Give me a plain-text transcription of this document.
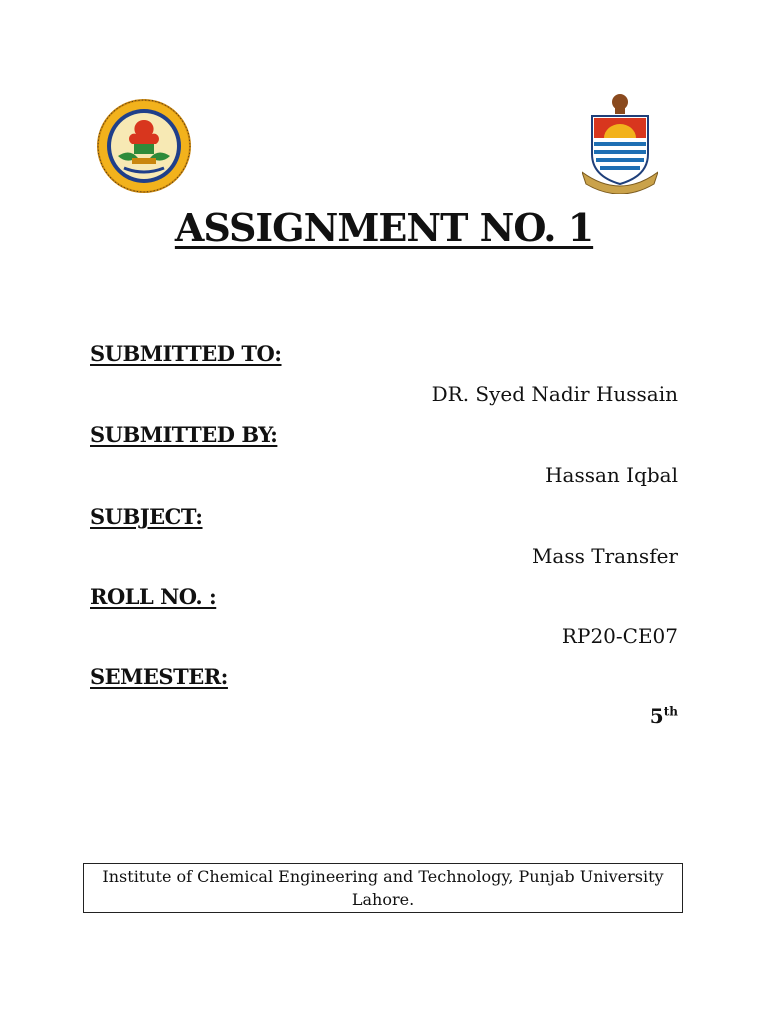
ASSIGNMENT NO. 1
SUBMITTED TO:
DR. Syed Nadir Hussain
SUBMITTED BY:
Hassan Iqbal
SUBJECT:
Mass Transfer
ROLL NO. :
RP20-CE07
SEMESTER:
5th
Institute of Chemical Engineering and Technology, Punjab University Lahore.
